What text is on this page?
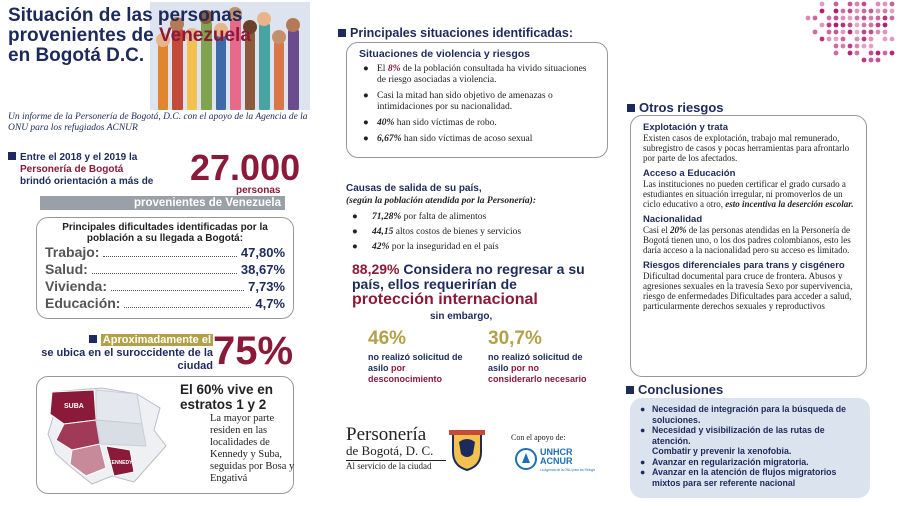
Situación de las personas
provenientes de Venezuela
en Bogotá D.C.
Un informe de la Personería de Bogotá, D.C. con el apoyo de la Agencia de la ONU para los refugiados ACNUR
Entre el 2018 y el 2019 la
Personería de Bogotá
brindó orientación a más de	27.000
personas
provenientes de Venezuela
Principales dificultades identificadas por la población a su llegada a Bogotá:
Trabajo:	47,80%
Salud:	38,67%
Vivienda:	7,73%
Educación:	4,7%
Aproximadamente el
se ubica en el suroccidente de la ciudad 75%
SUBA
KENNEDY
El 60% vive en estratos 1 y 2
La mayor parte residen en las localidades de Kennedy y Suba, seguidas por Bosa y Engativá
Principales situaciones identificadas:
Situaciones de violencia y riesgos
● El 8% de la población consultada ha vivido situaciones de riesgo asociadas a violencia.
● Casi la mitad han sido objetivo de amenazas o intimidaciones por su nacionalidad.
● 40% han sido víctimas de robo.
● 6,67% han sido víctimas de acoso sexual
Causas de salida de su país,
(según la población atendida por la Personería):
●	71,28% por falta de alimentos
●	44,15 altos costos de bienes y servicios
●	42% por la inseguridad en el país
88,29% Considera no regresar a su país, ellos requerirían de
protección internacional
sin embargo,
46%
no realizó solicitud de asilo por desconocimiento
30,7%
no realizó solicitud de asilo por no considerarlo necesario
Personería
de Bogotá, D. C.
Al servicio de la ciudad
Con el apoyo de:
UNHCR
ACNUR
La Agencia de la ONU para los Refugiados
Otros riesgos
Explotación y trata
Existen casos de explotación, trabajo mal remunerado, subregistro de casos y pocas herramientas para afrontarlo por parte de los afectados.
Acceso a Educación
Las instituciones no pueden certificar el grado cursado a estudiantes en situación irregular, ni promoverlos de un ciclo educativo a otro, esto incentiva la deserción escolar.
Nacionalidad
Casi el 20% de las personas atendidas en la Personería de Bogotá tienen uno, o los dos padres colombianos, esto les daría acceso a la nacionalidad pero su acceso es limitado.
Riesgos diferenciales para trans y cisgénero
Dificultad documental para cruce de frontera. Abusos y agresiones sexuales en la travesía Sexo por supervivencia, riesgo de enfermedades Dificultades para acceder a salud, particularmente derechos sexuales y reproductivos
Conclusiones
● Necesidad de integración para la búsqueda de soluciones.
● Necesidad y visibilización de las rutas de atención.
Combatir y prevenir la xenofobia.
● Avanzar en regularización migratoria.
● Avanzar en la atención de flujos migratorios mixtos para ser referente nacional
